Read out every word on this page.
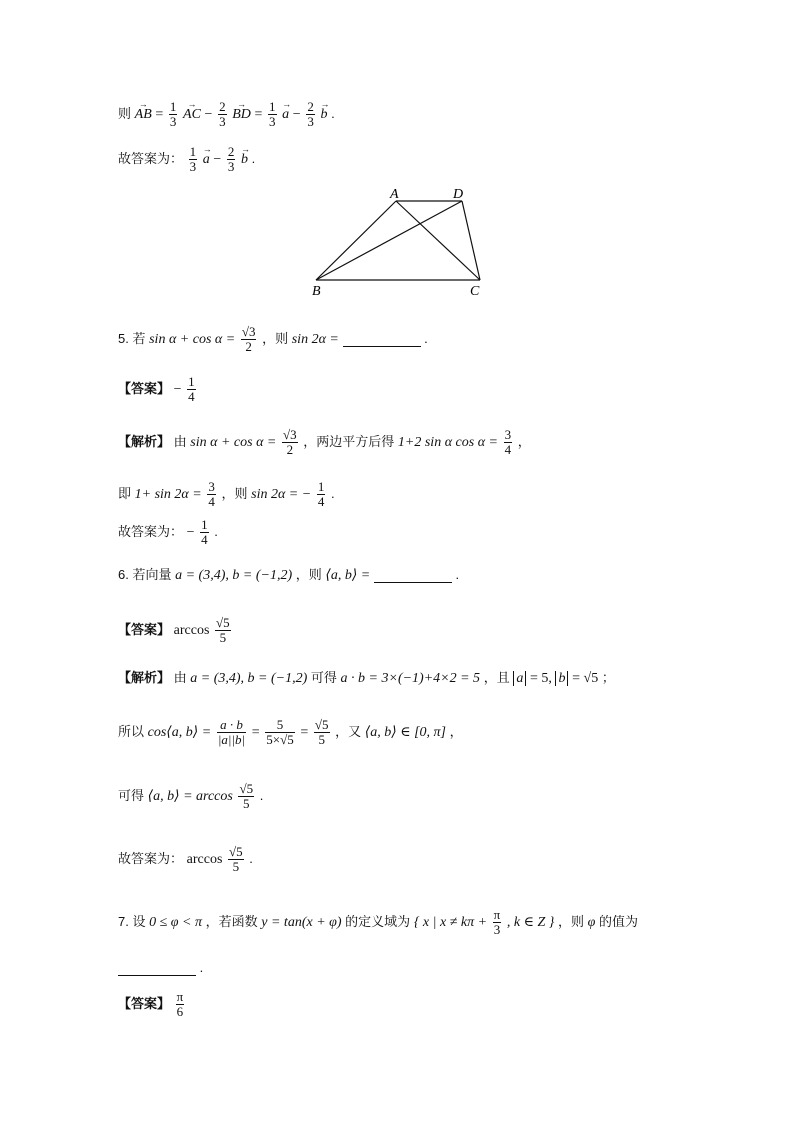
则 → AB = $\frac{1}{3}$
→ AC − $\frac{2}{3}$
→ BD = $\frac{1}{3}$
→ $a - \frac{2}{3}$
→ b .
故答案为： $\frac{1}{3}$
→ $a - \frac{2}{3}$
→ b .
A	D
B	C
5. 若 $\sin \alpha + \cos \alpha = \frac{√3}{2}$ ，则 sin 2α =	.
【答案】 − $\frac{1}{4}$
【解析】 由 $\sin \alpha + \cos \alpha = \frac{√3}{2}$ ，两边平方后得 1+2 sin α $\cos \alpha = \frac{3}{4}$ ，
即 $1+ \sin 2\alpha = \frac{3}{4}$ ，则 sin 2α = − $\frac{1}{4}$ .
故答案为： − $\frac{1}{4}$ .
6. 若向量 a = (3,4), b = (−1,2) ，则 ⟨a, b⟩ =	.
【答案】 $\arccos \frac{√5}{5}$
【解析】 由 a = (3,4), b = (−1,2) 可得 a · b = 3×(−1)+4×2 = 5 ，且 a = 5, b = √5 ；
所以 cos⟨a, b⟩ = $\frac{a \cdot b}{|a||b|} = \frac{5}{5\times√5} = \frac{√5}{5}$ ，又 ⟨a, b⟩ ∈ [0, π] ，
可得 ⟨a, b⟩ = $\arccos \frac{√5}{5}$ .
故答案为： $\arccos \frac{√5}{5}$ .
7. 设 0 ≤ φ < π ，若函数 y = tan(x + φ) 的定义域为 { x | $x \ne k\pi + \frac{\pi}{3}$ , k ∈ Z } ，则 φ 的值为
.
【答案】 $\frac{\pi}{6}$
